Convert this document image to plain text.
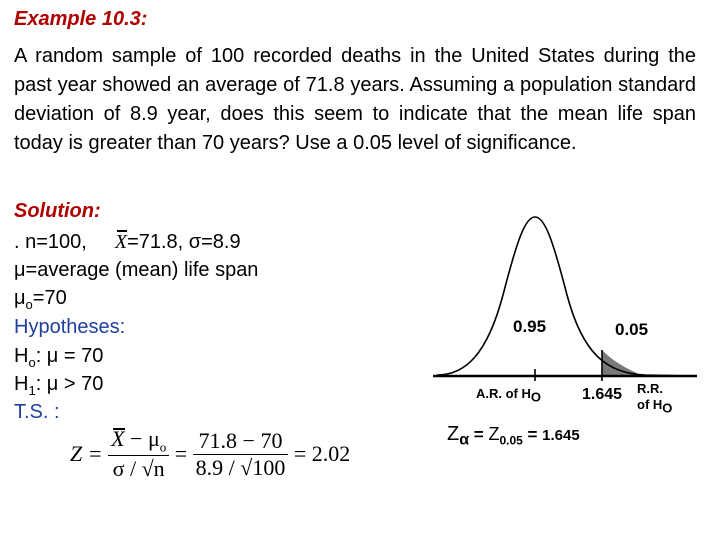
Example 10.3:
A random sample of 100 recorded deaths in the United States during the past year showed an average of 71.8 years. Assuming a population standard deviation of 8.9 year, does this seem to indicate that the mean life span today is greater than 70 years? Use a 0.05 level of significance.
Solution:
. n=100, X=71.8, σ=8.9
μ=average (mean) life span
$\mu_o=70$
Hypotheses:
$H_o$: μ = 70
$H_1$: μ > 70
T.S. :
$Z = \frac{X - \mu_o}{\sigma / √n} = \frac{71.8 - 70}{8.9 / √100} = 2.02$
0.95	0.05
A.R. of $H_O$	1.645 R.R.
of $H_O$
$Z_\alpha = Z_{0.05} = 1.645$
